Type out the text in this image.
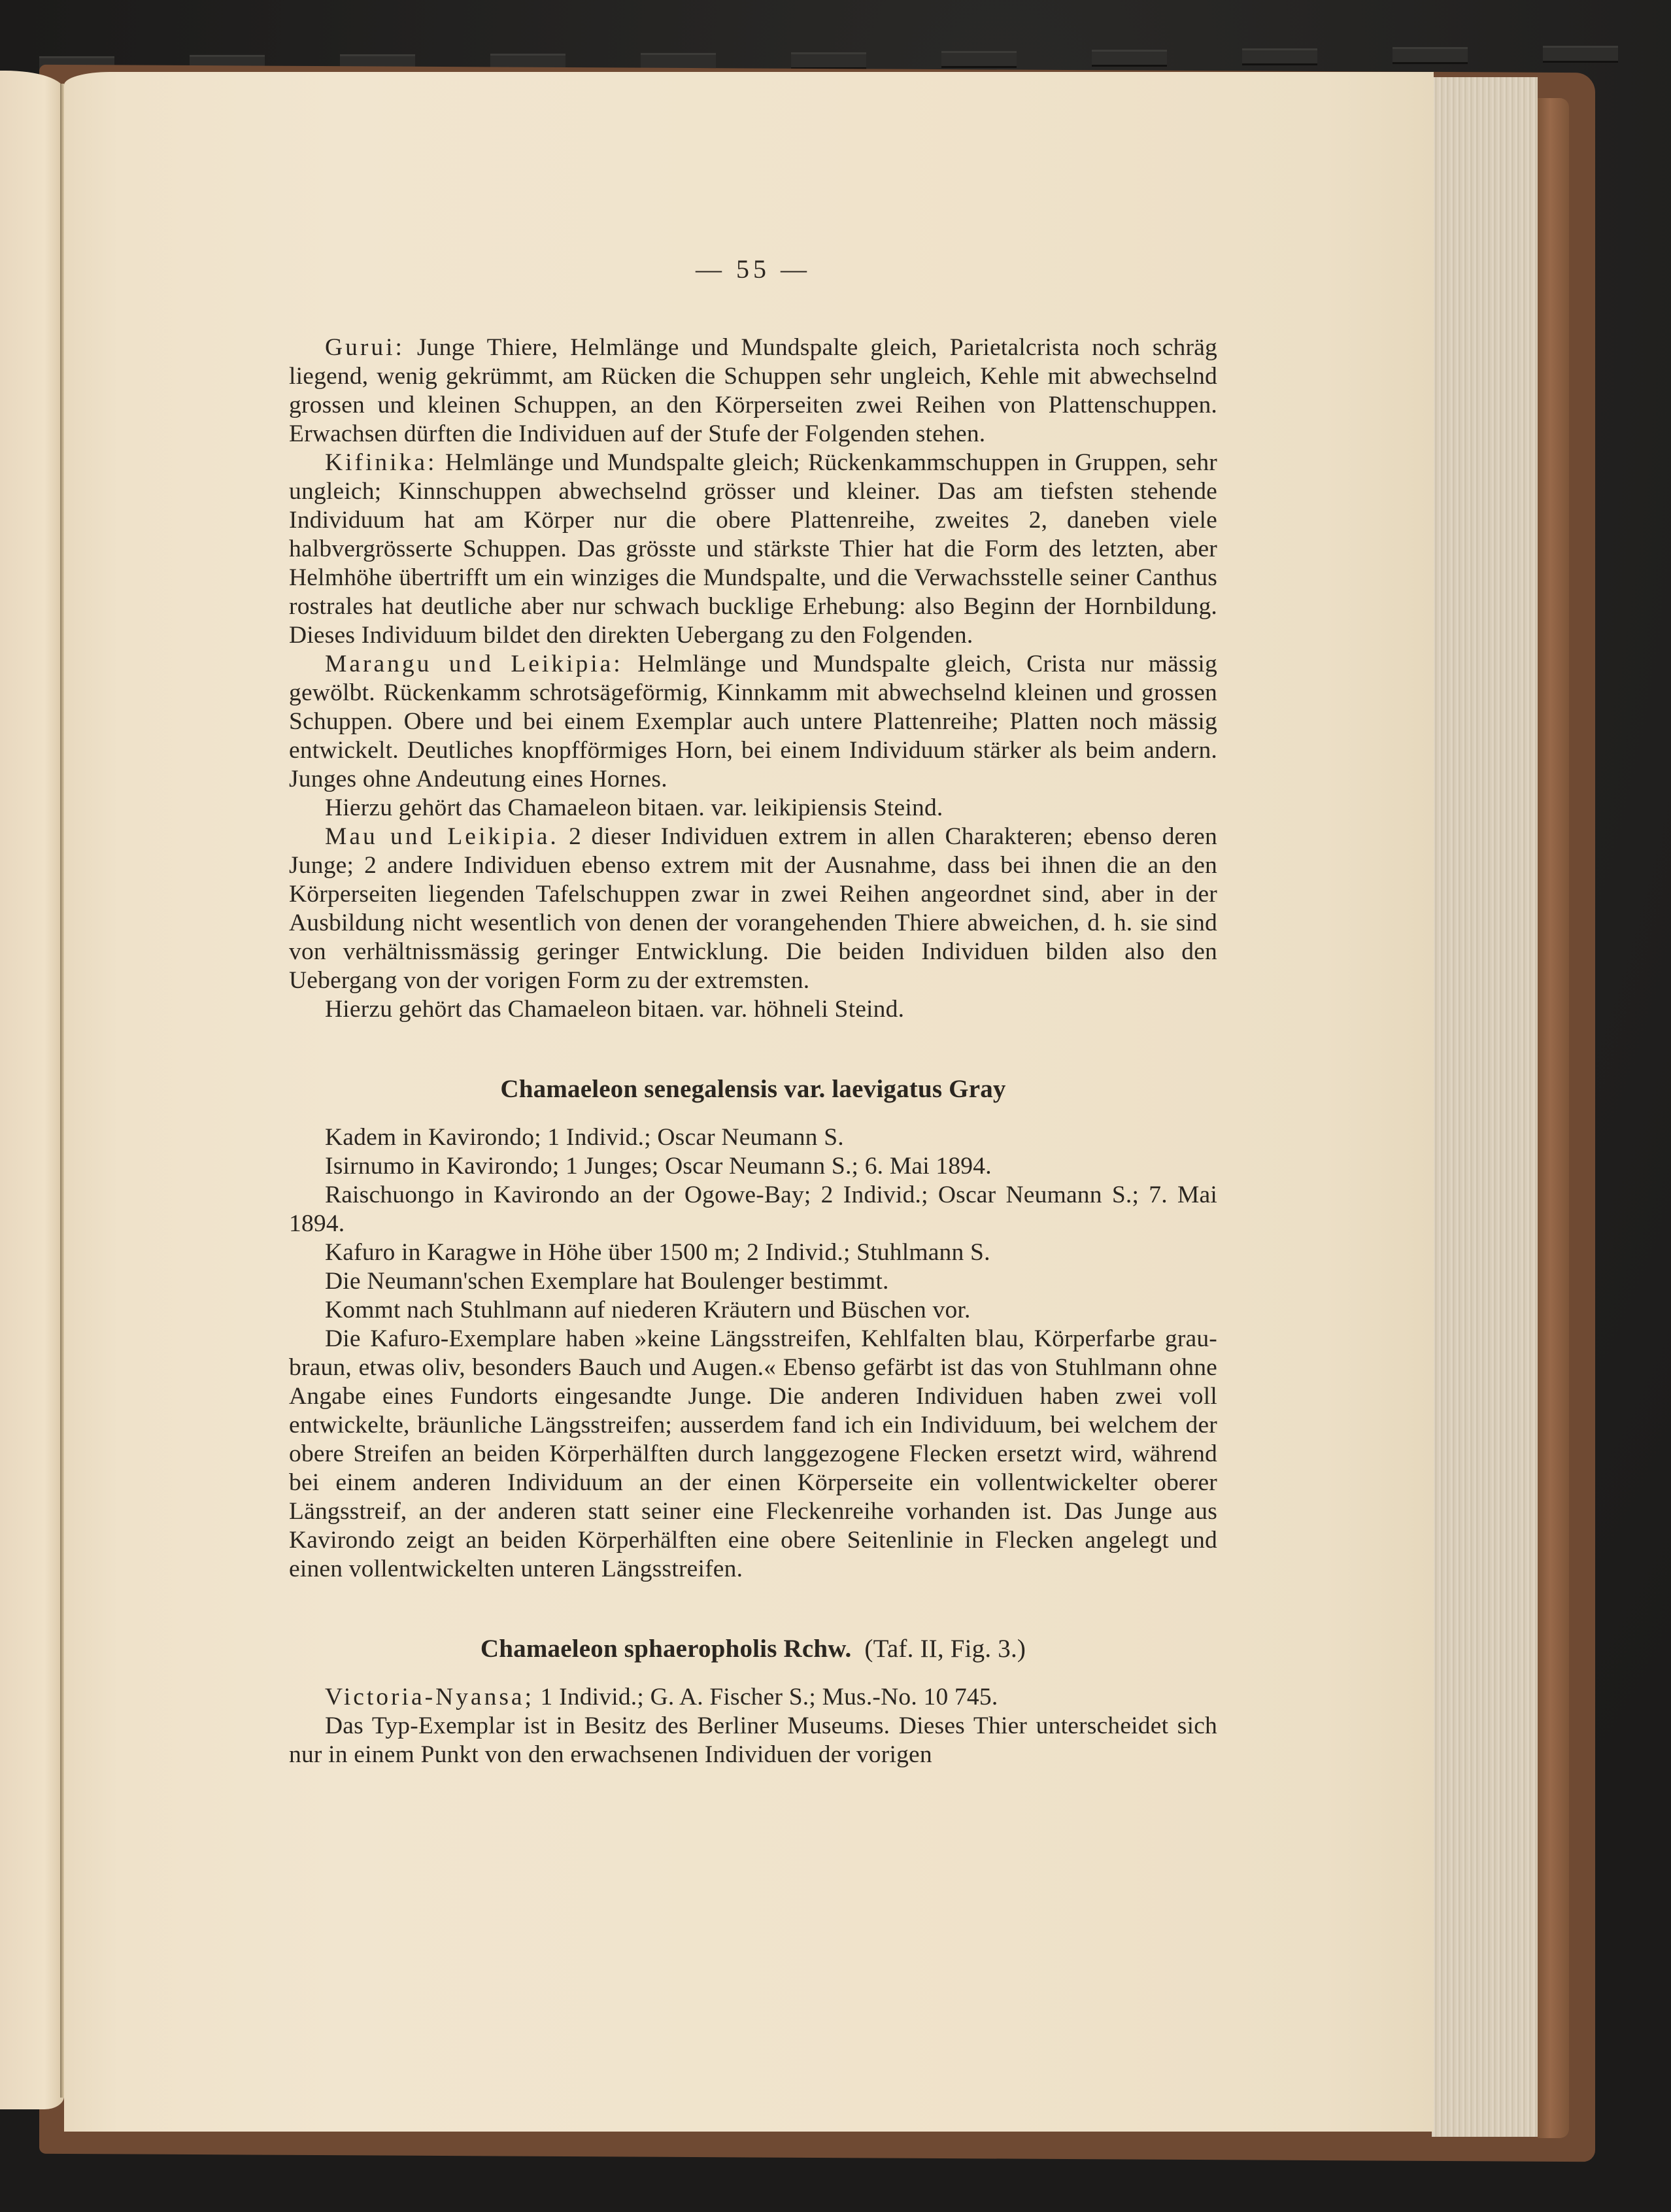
— 55 —

Gurui: Junge Thiere, Helmlänge und Mundspalte gleich, Parietalcrista noch schräg liegend, wenig gekrümmt, am Rücken die Schuppen sehr ungleich, Kehle mit abwechselnd grossen und kleinen Schuppen, an den Körperseiten zwei Reihen von Plattenschuppen. Erwachsen dürften die Individuen auf der Stufe der Folgenden stehen.

Kifinika: Helmlänge und Mundspalte gleich; Rückenkammschuppen in Gruppen, sehr ungleich; Kinnschuppen abwechselnd grösser und kleiner. Das am tiefsten stehende Individuum hat am Körper nur die obere Plattenreihe, zweites 2, daneben viele halbvergrösserte Schuppen. Das grösste und stärkste Thier hat die Form des letzten, aber Helmhöhe übertrifft um ein winziges die Mundspalte, und die Verwachsstelle seiner Canthus rostrales hat deutliche aber nur schwach bucklige Erhebung: also Beginn der Hornbildung. Dieses Individuum bildet den direkten Uebergang zu den Folgenden.

Marangu und Leikipia: Helmlänge und Mundspalte gleich, Crista nur mässig gewölbt. Rückenkamm schrotsägeförmig, Kinnkamm mit abwechselnd kleinen und grossen Schuppen. Obere und bei einem Exemplar auch untere Plattenreihe; Platten noch mässig entwickelt. Deutliches knopfförmiges Horn, bei einem Individuum stärker als beim andern. Junges ohne Andeutung eines Hornes.

Hierzu gehört das Chamaeleon bitaen. var. leikipiensis Steind.

Mau und Leikipia. 2 dieser Individuen extrem in allen Charakteren; ebenso deren Junge; 2 andere Individuen ebenso extrem mit der Ausnahme, dass bei ihnen die an den Körperseiten liegenden Tafelschuppen zwar in zwei Reihen angeordnet sind, aber in der Ausbildung nicht wesentlich von denen der vorangehenden Thiere abweichen, d. h. sie sind von verhältnissmässig geringer Entwicklung. Die beiden Individuen bilden also den Uebergang von der vorigen Form zu der extremsten.

Hierzu gehört das Chamaeleon bitaen. var. höhneli Steind.

Chamaeleon senegalensis var. laevigatus Gray

Kadem in Kavirondo; 1 Individ.; Oscar Neumann S.

Isirnumo in Kavirondo; 1 Junges; Oscar Neumann S.; 6. Mai 1894.

Raischuongo in Kavirondo an der Ogowe-Bay; 2 Individ.; Oscar Neumann S.; 7. Mai 1894.

Kafuro in Karagwe in Höhe über 1500 m; 2 Individ.; Stuhlmann S.

Die Neumann'schen Exemplare hat Boulenger bestimmt.

Kommt nach Stuhlmann auf niederen Kräutern und Büschen vor.

Die Kafuro-Exemplare haben »keine Längsstreifen, Kehlfalten blau, Körperfarbe grau-braun, etwas oliv, besonders Bauch und Augen.« Ebenso gefärbt ist das von Stuhlmann ohne Angabe eines Fundorts eingesandte Junge. Die anderen Individuen haben zwei voll entwickelte, bräunliche Längsstreifen; ausserdem fand ich ein Individuum, bei welchem der obere Streifen an beiden Körperhälften durch langgezogene Flecken ersetzt wird, während bei einem anderen Individuum an der einen Körperseite ein vollentwickelter oberer Längsstreif, an der anderen statt seiner eine Fleckenreihe vorhanden ist. Das Junge aus Kavirondo zeigt an beiden Körperhälften eine obere Seitenlinie in Flecken angelegt und einen vollentwickelten unteren Längsstreifen.

Chamaeleon sphaeropholis Rchw. (Taf. II, Fig. 3.)

Victoria-Nyansa; 1 Individ.; G. A. Fischer S.; Mus.-No. 10 745.

Das Typ-Exemplar ist in Besitz des Berliner Museums. Dieses Thier unterscheidet sich nur in einem Punkt von den erwachsenen Individuen der vorigen
